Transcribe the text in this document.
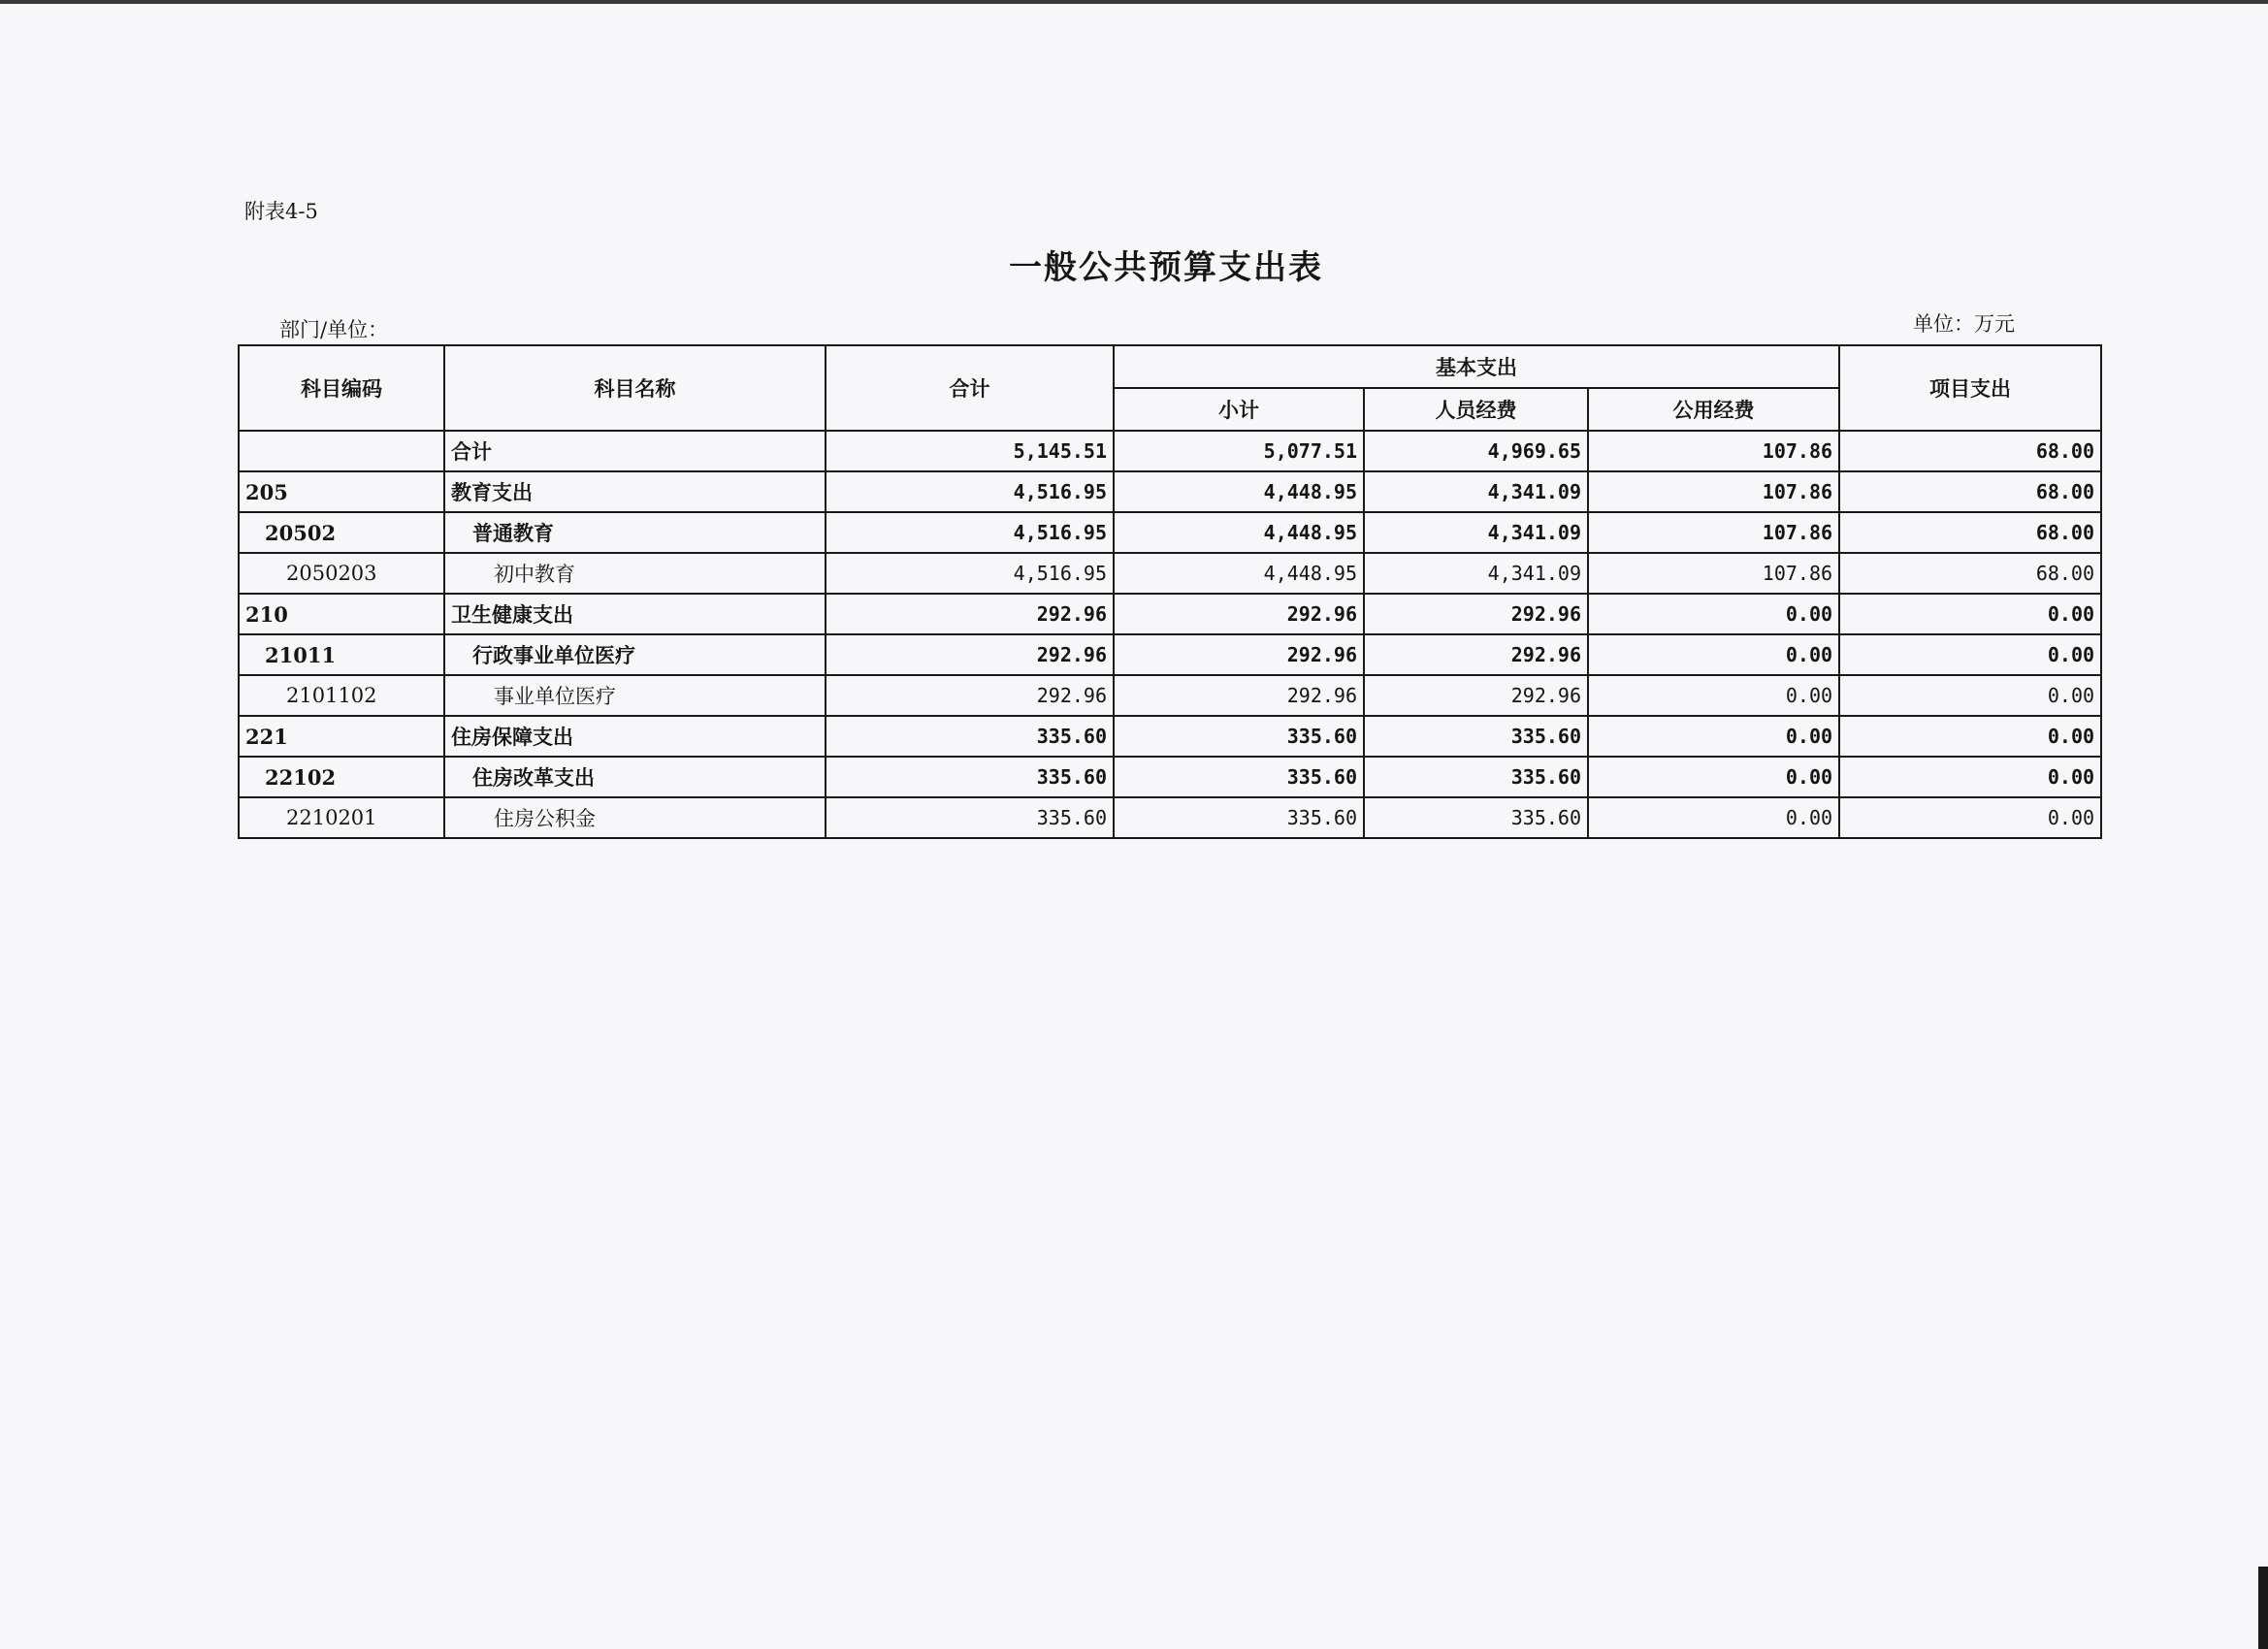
附表4-5
一般公共预算支出表
部门/单位：	单位：万元
科目编码	科目名称	合计	基本支出			项目支出
			小计	人员经费	公用经费	
	合计	5,145.51	5,077.51	4,969.65	107.86	68.00
205	教育支出	4,516.95	4,448.95	4,341.09	107.86	68.00
20502	普通教育	4,516.95	4,448.95	4,341.09	107.86	68.00
2050203	初中教育	4,516.95	4,448.95	4,341.09	107.86	68.00
210	卫生健康支出	292.96	292.96	292.96	0.00	0.00
21011	行政事业单位医疗	292.96	292.96	292.96	0.00	0.00
2101102	事业单位医疗	292.96	292.96	292.96	0.00	0.00
221	住房保障支出	335.60	335.60	335.60	0.00	0.00
22102	住房改革支出	335.60	335.60	335.60	0.00	0.00
2210201	住房公积金	335.60	335.60	335.60	0.00	0.00
